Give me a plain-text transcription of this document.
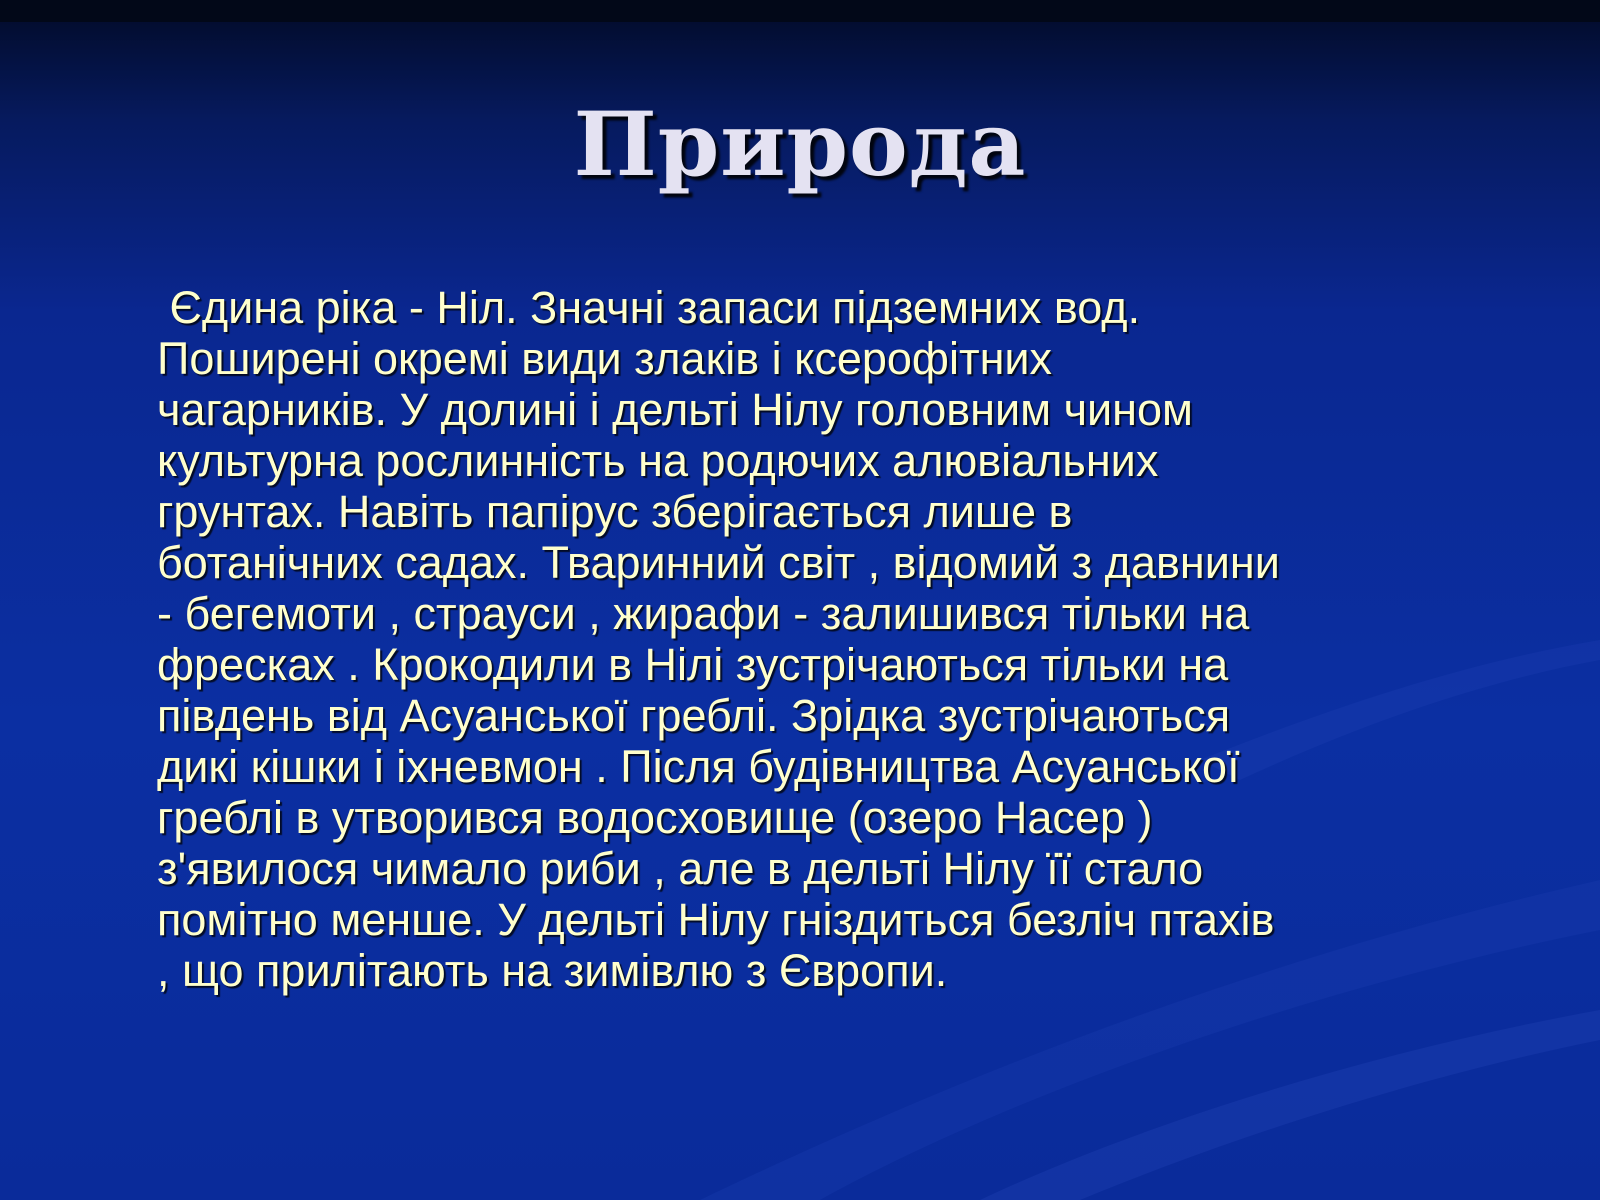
Природа

Єдина ріка - Ніл. Значні запаси підземних вод.
Поширені окремі види злаків і ксерофітних
чагарників. У долині і дельті Нілу головним чином
культурна рослинність на родючих алювіальних
грунтах. Навіть папірус зберігається лише в
ботанічних садах. Тваринний світ , відомий з давнини
- бегемоти , страуси , жирафи - залишився тільки на
фресках . Крокодили в Нілі зустрічаються тільки на
південь від Асуанської греблі. Зрідка зустрічаються
дикі кішки і іхневмон . Після будівництва Асуанської
греблі в утворився водосховище (озеро Насер )
з'явилося чимало риби , але в дельті Нілу її стало
помітно менше. У дельті Нілу гніздиться безліч птахів
, що прилітають на зимівлю з Європи.
